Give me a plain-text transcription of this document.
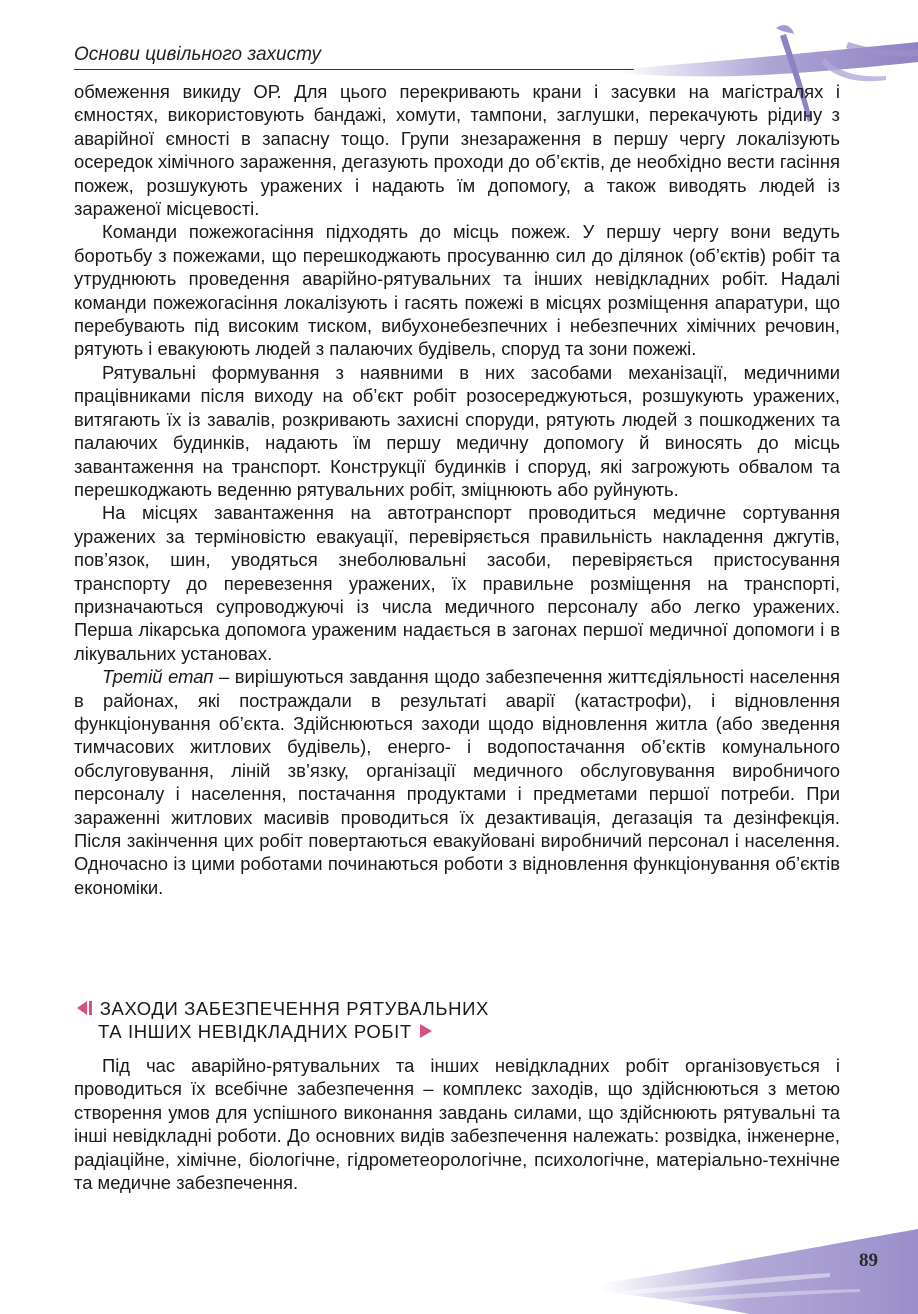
Основи цивільного захисту

обмеження викиду ОР. Для цього перекривають крани і засувки на магістралях і ємностях, використовують бандажі, хомути, тампони, заглушки, перекачують рідину з аварійної ємності в запасну тощо. Групи знезараження в першу чергу локалізують осередок хімічного зараження, дегазують проходи до об’єктів, де необхідно вести гасіння пожеж, розшукують уражених і надають їм допомогу, а також виводять людей із зараженої місцевості.

Команди пожежогасіння підходять до місць пожеж. У першу чергу вони ведуть боротьбу з пожежами, що перешкоджають просуванню сил до ділянок (об’єктів) робіт та утруднюють проведення аварійно-рятувальних та інших невідкладних робіт. Надалі команди пожежогасіння локалізують і гасять пожежі в місцях розміщення апаратури, що перебувають під високим тиском, вибухонебезпечних і небезпечних хімічних речовин, рятують і евакуюють людей з палаючих будівель, споруд та зони пожежі.

Рятувальні формування з наявними в них засобами механізації, медичними працівниками після виходу на об’єкт робіт розосереджуються, розшукують уражених, витягають їх із завалів, розкривають захисні споруди, рятують людей з пошкоджених та палаючих будинків, надають їм першу медичну допомогу й виносять до місць завантаження на транспорт. Конструкції будинків і споруд, які загрожують обвалом та перешкоджають веденню рятувальних робіт, зміцнюють або руйнують.

На місцях завантаження на автотранспорт проводиться медичне сортування уражених за терміновістю евакуації, перевіряється правильність накладення джгутів, пов’язок, шин, уводяться знеболювальні засоби, перевіряється пристосування транспорту до перевезення уражених, їх правильне розміщення на транспорті, призначаються супроводжуючі із числа медичного персоналу або легко уражених. Перша лікарська допомога ураженим надається в загонах першої медичної допомоги і в лікувальних установах.

Третій етап – вирішуються завдання щодо забезпечення життєдіяльності населення в районах, які постраждали в результаті аварії (катастрофи), і відновлення функціонування об’єкта. Здійснюються заходи щодо відновлення житла (або зведення тимчасових житлових будівель), енерго- і водопостачання об’єктів комунального обслуговування, ліній зв’язку, організації медичного обслуговування виробничого персоналу і населення, постачання продуктами і предметами першої потреби. При зараженні житлових масивів проводиться їх дезактивація, дегазація та дезінфекція. Після закінчення цих робіт повертаються евакуйовані виробничий персонал і населення. Одночасно із цими роботами починаються роботи з відновлення функціонування об’єктів економіки.

ЗАХОДИ ЗАБЕЗПЕЧЕННЯ РЯТУВАЛЬНИХ
ТА ІНШИХ НЕВІДКЛАДНИХ РОБІТ

Під час аварійно-рятувальних та інших невідкладних робіт організовується і проводиться їх всебічне забезпечення – комплекс заходів, що здійснюються з метою створення умов для успішного виконання завдань силами, що здійснюють рятувальні та інші невідкладні роботи. До основних видів забезпечення належать: розвідка, інженерне, радіаційне, хімічне, біологічне, гідрометеорологічне, психологічне, матеріально-технічне та медичне забезпечення.

89
